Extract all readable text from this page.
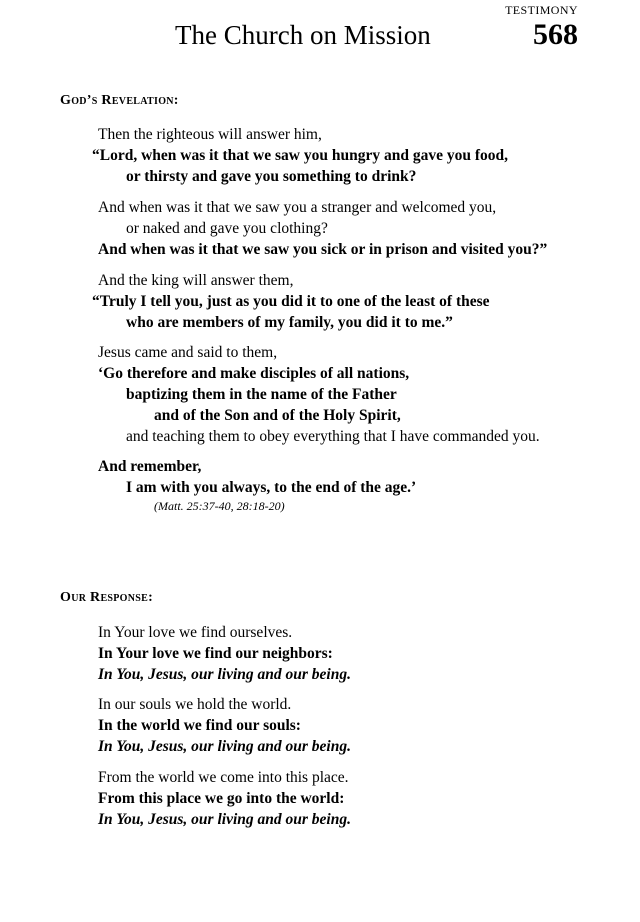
TESTIMONY
The Church on Mission	568
God’s Revelation:
Then the righteous will answer him,
“Lord, when was it that we saw you hungry and gave you food,
or thirsty and gave you something to drink?
And when was it that we saw you a stranger and welcomed you,
or naked and gave you clothing?
And when was it that we saw you sick or in prison and visited you?”
And the king will answer them,
“Truly I tell you, just as you did it to one of the least of these
who are members of my family, you did it to me.”
Jesus came and said to them,
‘Go therefore and make disciples of all nations,
baptizing them in the name of the Father
and of the Son and of the Holy Spirit,
and teaching them to obey everything that I have commanded you.
And remember,
I am with you always, to the end of the age.’
(Matt. 25:37-40, 28:18-20)
Our Response:
In Your love we find ourselves.
In Your love we find our neighbors:
In You, Jesus, our living and our being.
In our souls we hold the world.
In the world we find our souls:
In You, Jesus, our living and our being.
From the world we come into this place.
From this place we go into the world:
In You, Jesus, our living and our being.
